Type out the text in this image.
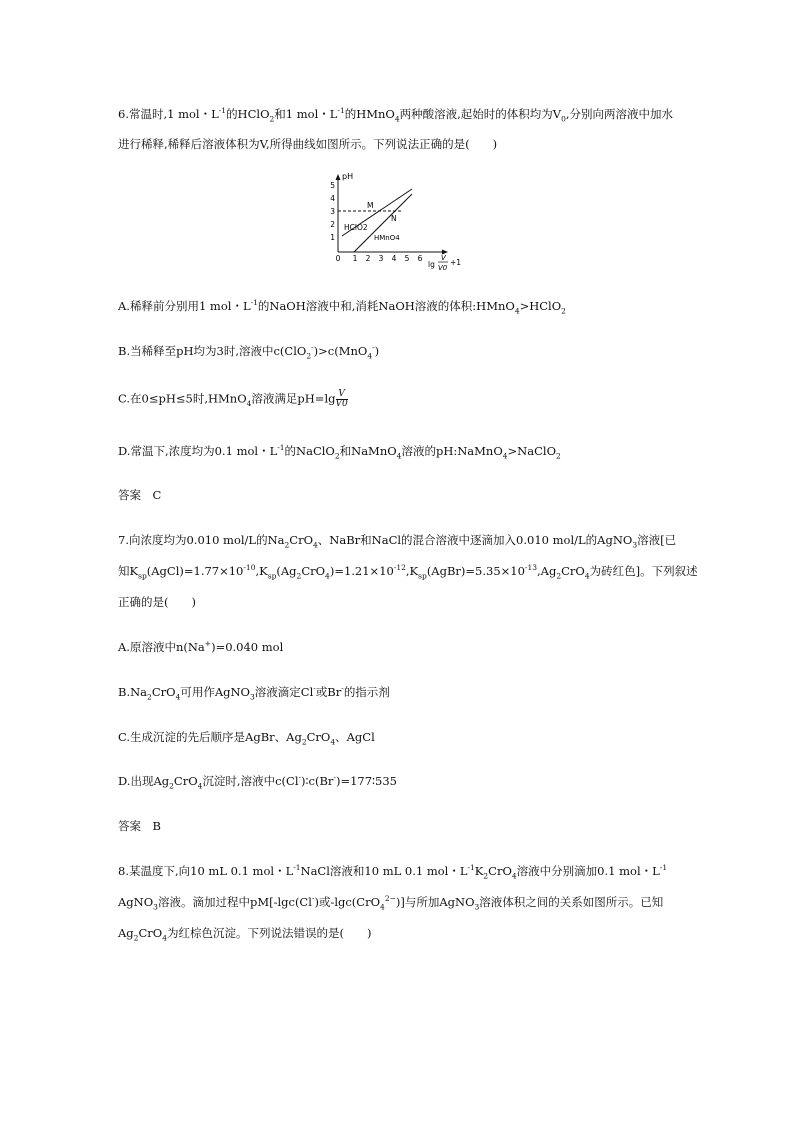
6.常温时,1 mol・$L^{-1}$的HClO$_2$和1 mol・$L^{-1}$的HMnO$_4$两种酸溶液,起始时的体积均为$V_0$,分别向两溶液中加水
进行稀释,稀释后溶液体积为V,所得曲线如图所示。下列说法正确的是(　　)
pH
1
2
3
4
5
0 1 2 3 4 5 6
lg
V
V0
+1
M
N
HClO2
HMnO4
A.稀释前分别用1 mol・$L^{-1}$的NaOH溶液中和,消耗NaOH溶液的体积:HMnO$_4$>HClO$_2$
B.当稀释至pH均为3时,溶液中c(ClO$_2$-)>c(MnO$_4$-)
C.在0≤pH≤5时,HMnO$_4$溶液满足$pH=\lg \frac{V}{V0}$
D.常温下,浓度均为0.1 mol・$L^{-1}$的NaClO$_2$和NaMnO$_4$溶液的pH:NaMnO$_4$>NaClO$_2$
答案　C
7.向浓度均为0.010 mol/L的$Na_2CrO_4$、NaBr和NaCl的混合溶液中逐滴加入0.010 mol/L的AgNO$_3$溶液[已
知$K_{sp}(AgCl)=1.77\times 10^{-10},K_{sp}(Ag_2CrO_4)=1.21\times 10^{-12},K_{sp}(AgBr)=5.35\times 10^{-13},Ag_2CrO_4$为砖红色]。下列叙述
正确的是(　　)
A.原溶液中n(Na+)=0.040 mol
$B.Na_2CrO_4$可用作AgNO$_3$溶液滴定Cl-或Br-的指示剂
C.生成沉淀的先后顺序是AgBr、$Ag_2CrO_4$、AgCl
D.出现$Ag_2CrO_4$沉淀时,溶液中c(Cl-)∶c(Br-)=177∶535
答案　B
8.某温度下,向10 mL 0.1 mol・$L^{-1}NaCl$溶液和10 mL 0.1 mol・$L^{-1}K_2CrO_4$溶液中分别滴加0.1 mol・$L^{-1}$
AgNO$_3$溶液。滴加过程中pM[-lgc(Cl-)或-lgc(CrO$_4^{2-}$)]与所加AgNO$_3$溶液体积之间的关系如图所示。已知
$Ag_2CrO_4$为红棕色沉淀。下列说法错误的是(　　)
